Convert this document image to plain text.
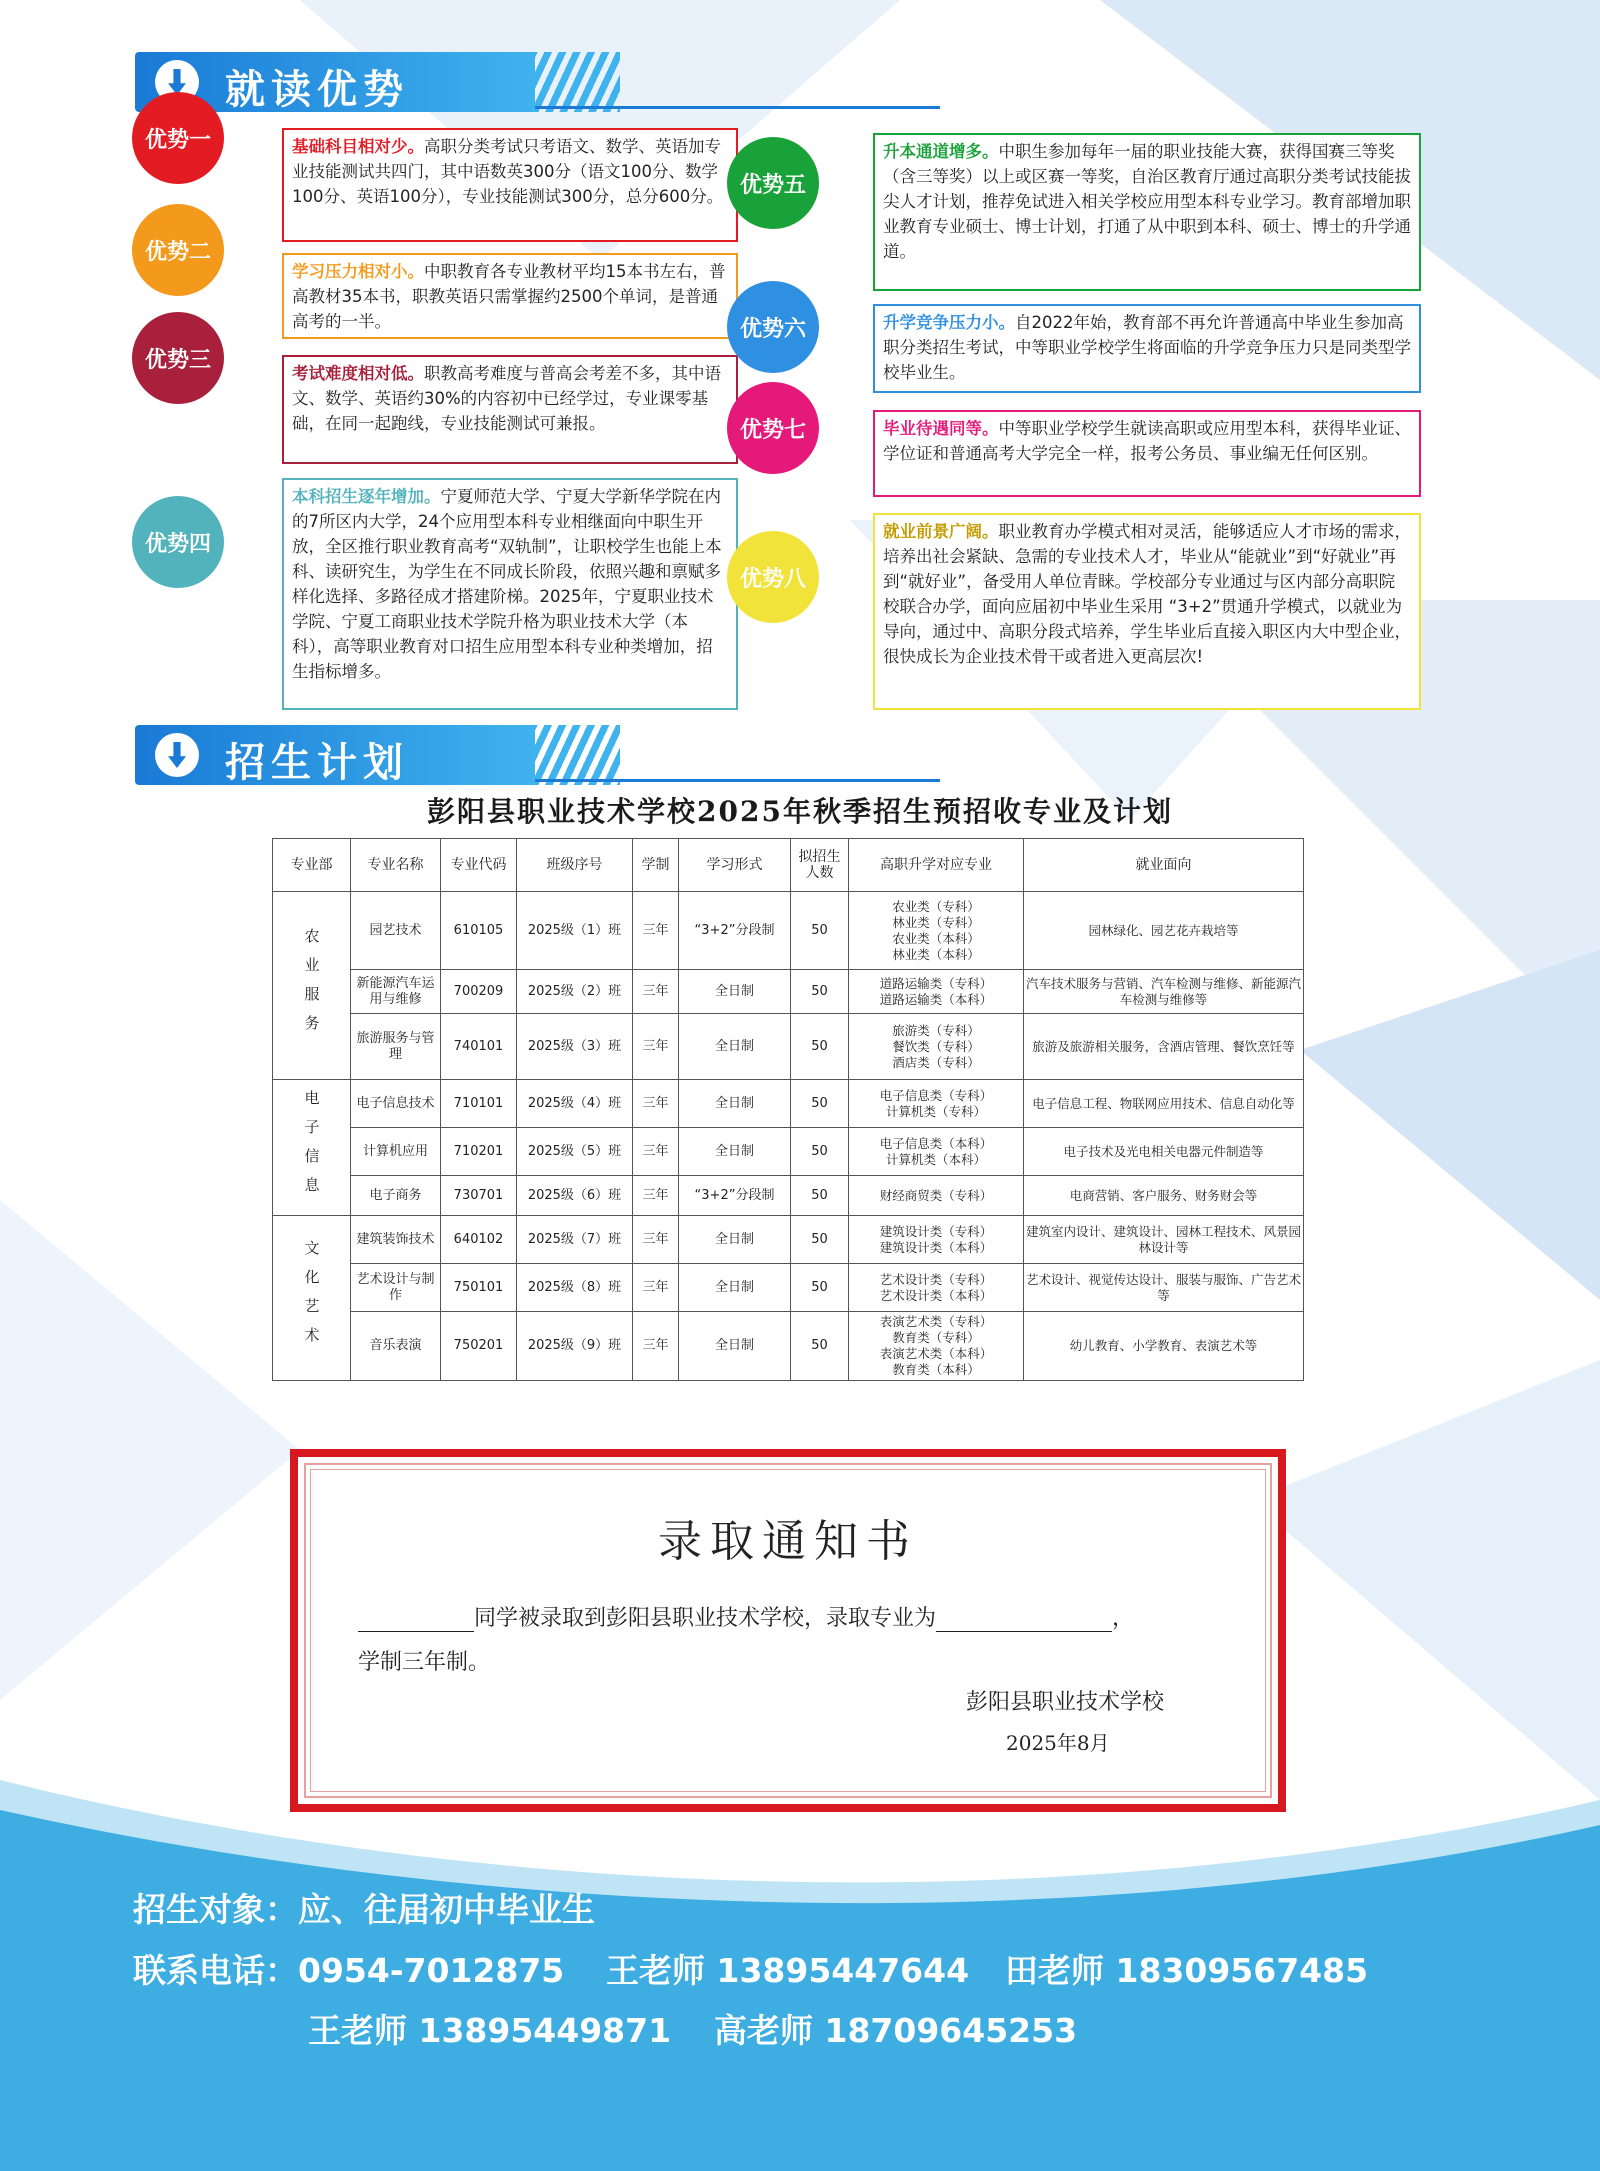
就读优势
优势一	基础科目相对少。高职分类考试只考语文、数学、英语加专业技能测试共四门，其中语数英300分（语文100分、数学100分、英语100分），专业技能测试300分，总分600分。
优势二
学习压力相对小。中职教育各专业教材平均15本书左右，普高教材35本书，职教英语只需掌握约2500个单词，是普通高考的一半。
优势三
考试难度相对低。职教高考难度与普高会考差不多，其中语文、数学、英语约30%的内容初中已经学过，专业课零基础，在同一起跑线，专业技能测试可兼报。
优势四
本科招生逐年增加。宁夏师范大学、宁夏大学新华学院在内的7所区内大学，24个应用型本科专业相继面向中职生开放，全区推行职业教育高考“双轨制”，让职校学生也能上本科、读研究生，为学生在不同成长阶段，依照兴趣和禀赋多样化选择、多路径成才搭建阶梯。2025年，宁夏职业技术学院、宁夏工商职业技术学院升格为职业技术大学（本科），高等职业教育对口招生应用型本科专业种类增加，招生指标增多。
优势五
升本通道增多。中职生参加每年一届的职业技能大赛，获得国赛三等奖（含三等奖）以上或区赛一等奖，自治区教育厅通过高职分类考试技能拔尖人才计划，推荐免试进入相关学校应用型本科专业学习。教育部增加职业教育专业硕士、博士计划，打通了从中职到本科、硕士、博士的升学通道。
优势六	升学竞争压力小。自2022年始，教育部不再允许普通高中毕业生参加高职分类招生考试，中等职业学校学生将面临的升学竞争压力只是同类型学校毕业生。
优势七	毕业待遇同等。中等职业学校学生就读高职或应用型本科，获得毕业证、学位证和普通高考大学完全一样，报考公务员、事业编无任何区别。
优势八
就业前景广阔。职业教育办学模式相对灵活，能够适应人才市场的需求，培养出社会紧缺、急需的专业技术人才，毕业从“能就业”到“好就业”再到“就好业”，备受用人单位青睐。学校部分专业通过与区内部分高职院校联合办学，面向应届初中毕业生采用 “3+2”贯通升学模式，以就业为导向，通过中、高职分段式培养，学生毕业后直接入职区内大中型企业，很快成长为企业技术骨干或者进入更高层次!
招生计划
彭阳县职业技术学校2025年秋季招生预招收专业及计划
专业部	专业名称	专业代码	班级序号	学制	学习形式	拟招生人数	高职升学对应专业	就业面向
农业服务	园艺技术	610105	2025级（1）班	三年	“3+2”分段制	50	农业类（专科）
林业类（专科）
农业类（本科）
林业类（本科）	园林绿化、园艺花卉栽培等
	新能源汽车运用与维修	700209	2025级（2）班	三年	全日制	50	道路运输类（专科）
道路运输类（本科）	汽车技术服务与营销、汽车检测与维修、新能源汽车检测与维修等
	旅游服务与管理	740101	2025级（3）班	三年	全日制	50	旅游类（专科）
餐饮类（专科）
酒店类（专科）	旅游及旅游相关服务，含酒店管理、餐饮烹饪等
电子信息	电子信息技术	710101	2025级（4）班	三年	全日制	50	电子信息类（专科）
计算机类（专科）	电子信息工程、物联网应用技术、信息自动化等
	计算机应用	710201	2025级（5）班	三年	全日制	50	电子信息类（本科）
计算机类（本科）	电子技术及光电相关电器元件制造等
	电子商务	730701	2025级（6）班	三年	“3+2”分段制	50	财经商贸类（专科）	电商营销、客户服务、财务财会等
文化艺术	建筑装饰技术	640102	2025级（7）班	三年	全日制	50	建筑设计类（专科）
建筑设计类（本科）	建筑室内设计、建筑设计、园林工程技术、风景园林设计等
	艺术设计与制作	750101	2025级（8）班	三年	全日制	50	艺术设计类（专科）
艺术设计类（本科）	艺术设计、视觉传达设计、服装与服饰、广告艺术等
	音乐表演	750201	2025级（9）班	三年	全日制	50	表演艺术类（专科）
教育类（专科）
表演艺术类（本科）
教育类（本科）	幼儿教育、小学教育、表演艺术等
录取通知书
同学被录取到彭阳县职业技术学校，录取专业为	，
学制三年制。
彭阳县职业技术学校
2025年8月
招生对象：应、往届初中毕业生
联系电话：0954-7012875 王老师 13895447644 田老师 18309567485
王老师 13895449871 高老师 18709645253
